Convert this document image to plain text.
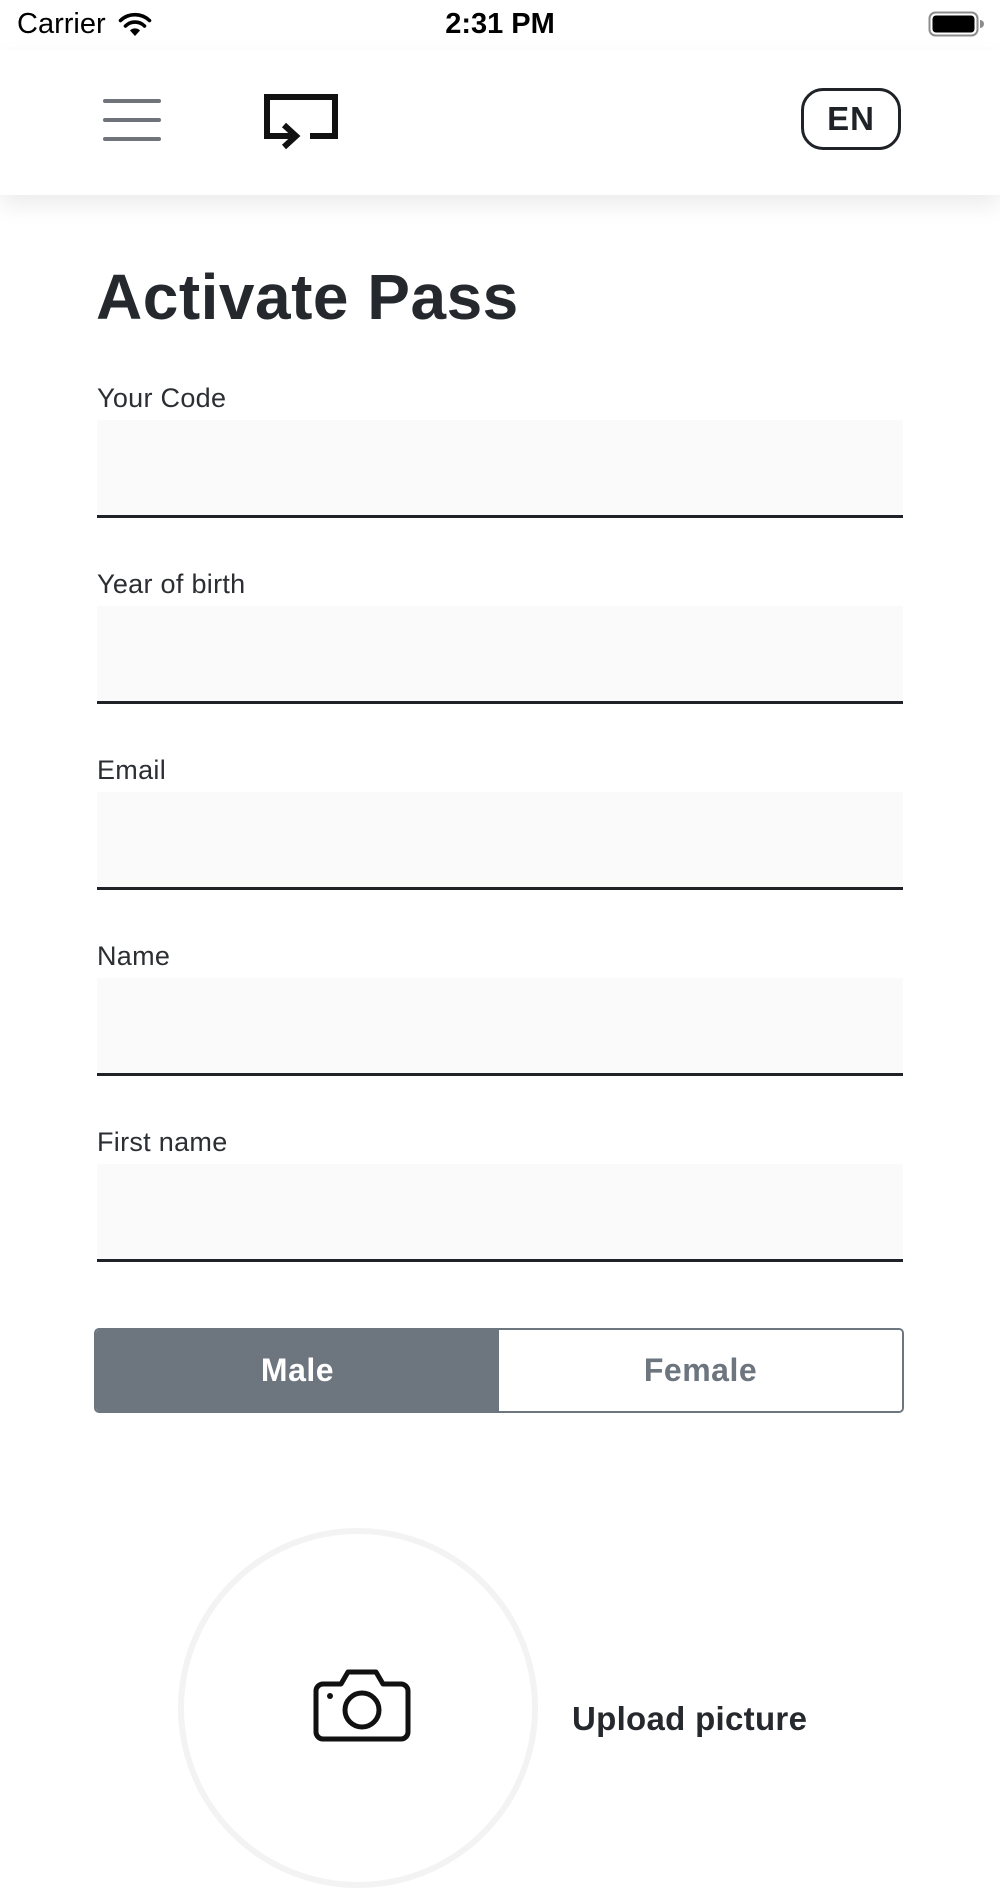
Carrier	2:31 PM
EN
Activate Pass
Your Code
Year of birth
Email
Name
First name
Male	Female
Upload picture
